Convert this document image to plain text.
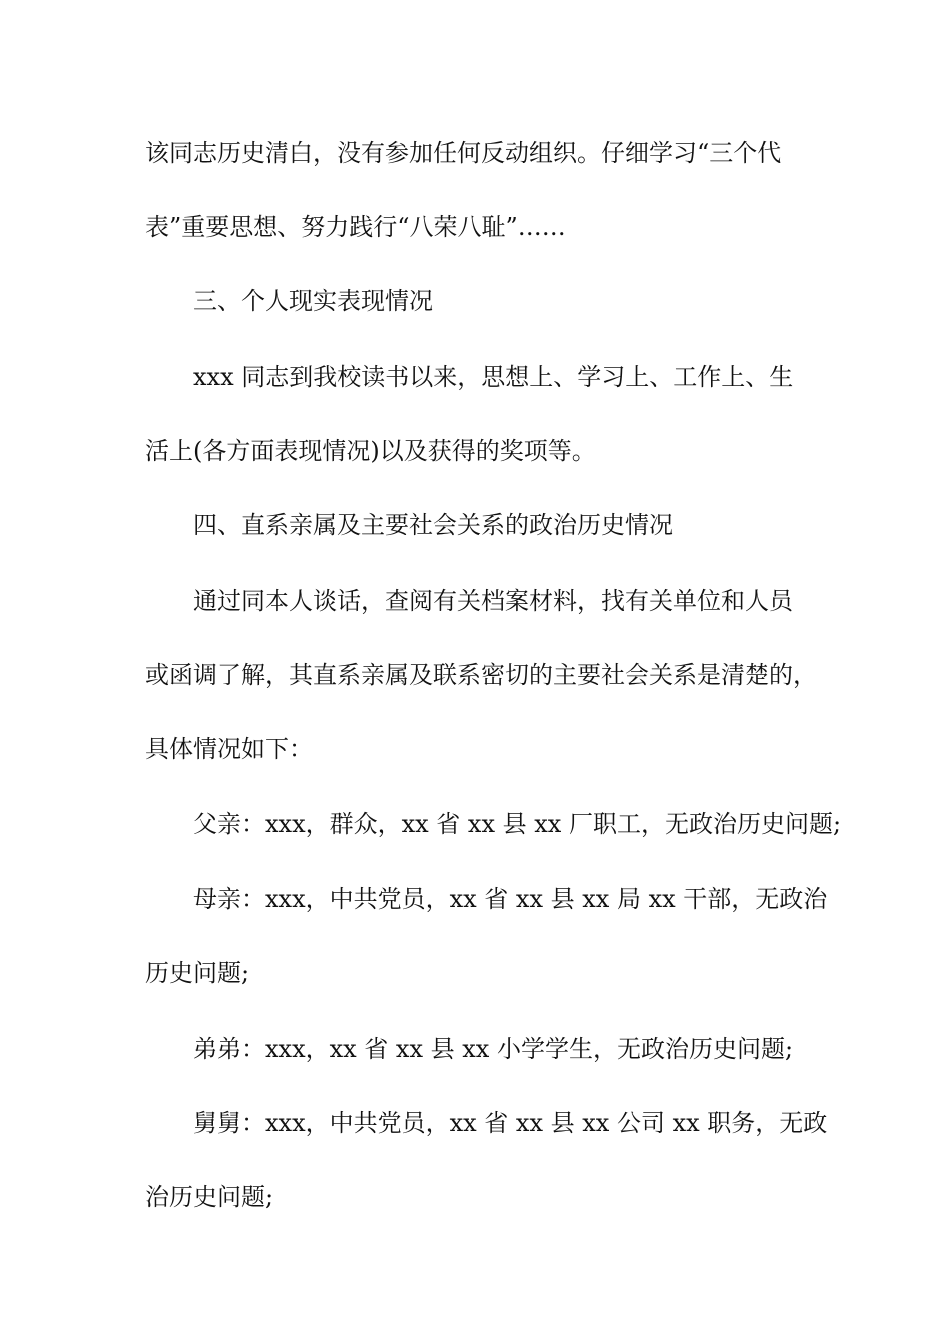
该同志历史清白，没有参加任何反动组织。仔细学习“三个代
表”重要思想、努力践行“八荣八耻”……
三、个人现实表现情况
xxx 同志到我校读书以来，思想上、学习上、工作上、生
活上(各方面表现情况)以及获得的奖项等。
四、直系亲属及主要社会关系的政治历史情况
通过同本人谈话，查阅有关档案材料，找有关单位和人员
或函调了解，其直系亲属及联系密切的主要社会关系是清楚的，
具体情况如下：
父亲：xxx，群众，xx 省 xx 县 xx 厂职工，无政治历史问题;
母亲：xxx，中共党员，xx 省 xx 县 xx 局 xx 干部，无政治
历史问题;
弟弟：xxx，xx 省 xx 县 xx 小学学生，无政治历史问题;
舅舅：xxx，中共党员，xx 省 xx 县 xx 公司 xx 职务，无政
治历史问题;
